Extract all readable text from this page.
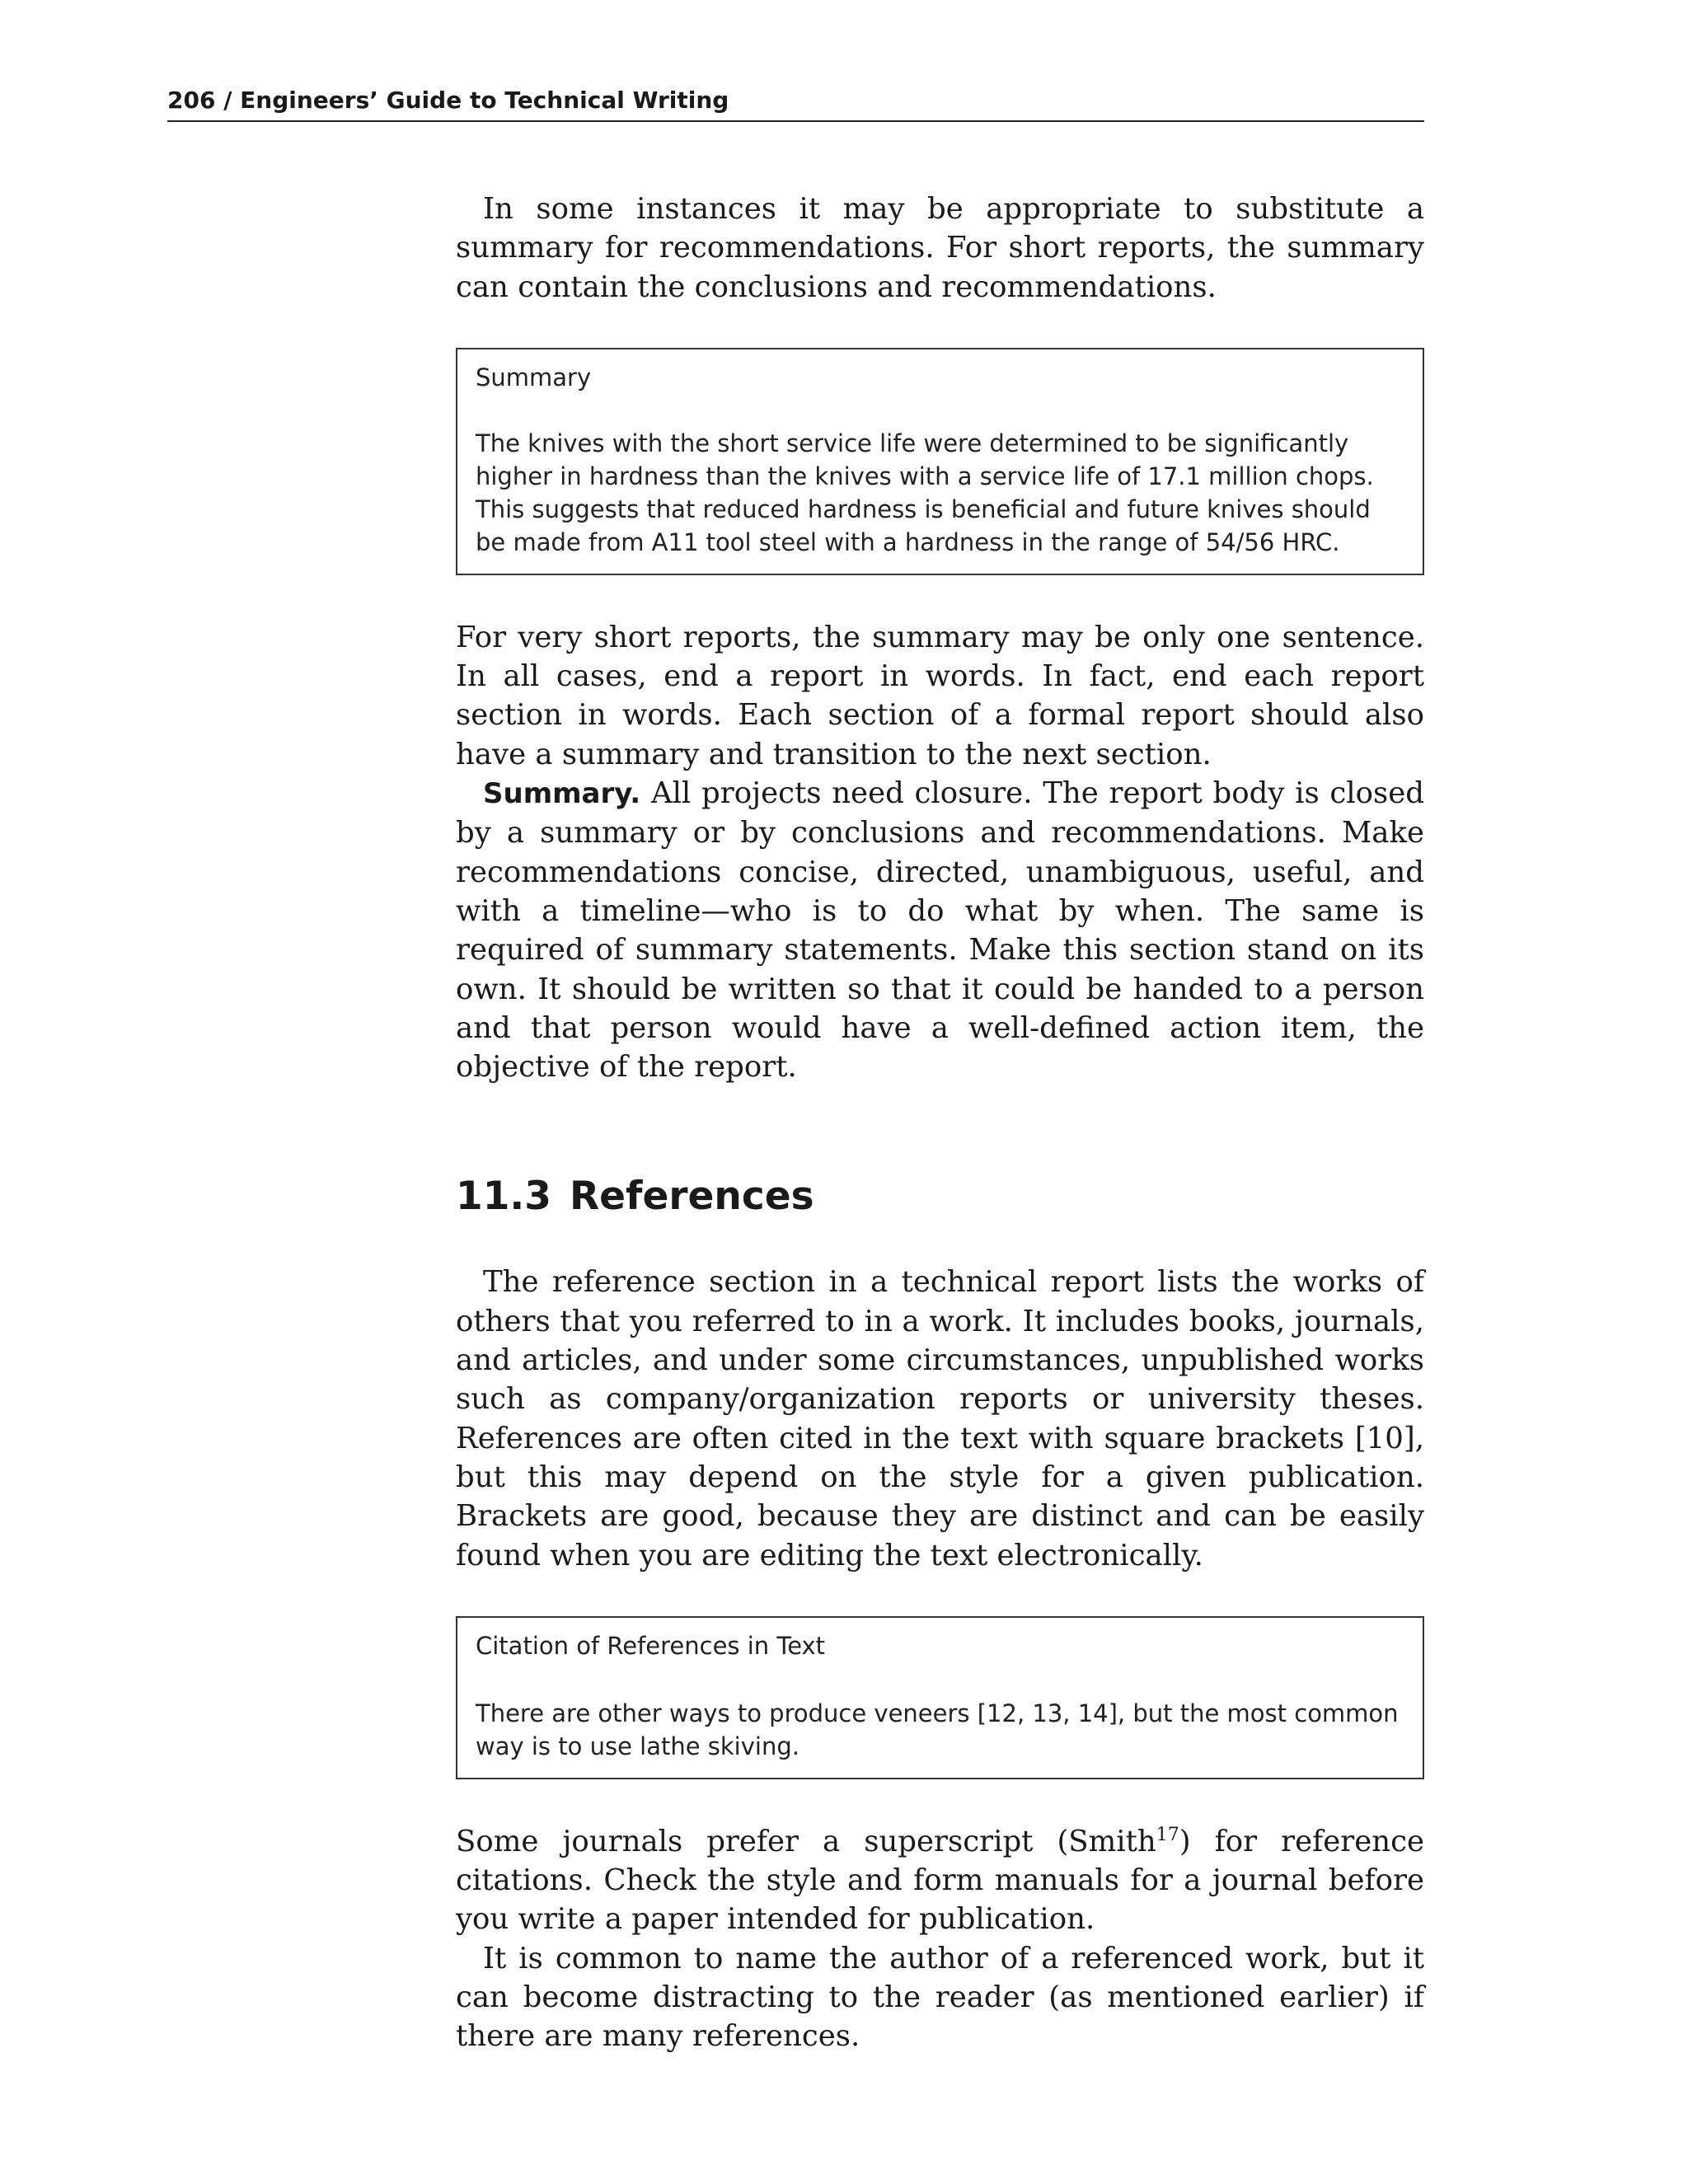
206 / Engineers’ Guide to Technical Writing

In some instances it may be appropriate to substitute a summary for recommendations. For short reports, the summary can contain the conclusions and recommendations.

Summary
The knives with the short service life were determined to be significantly higher in hardness than the knives with a service life of 17.1 million chops. This suggests that reduced hardness is beneficial and future knives should be made from A11 tool steel with a hardness in the range of 54/56 HRC.

For very short reports, the summary may be only one sentence. In all cases, end a report in words. In fact, end each report section in words. Each section of a formal report should also have a summary and transition to the next section.

Summary. All projects need closure. The report body is closed by a summary or by conclusions and recommendations. Make recommendations concise, directed, unambiguous, useful, and with a timeline—who is to do what by when. The same is required of summary statements. Make this section stand on its own. It should be written so that it could be handed to a person and that person would have a well-defined action item, the objective of the report.

11.3 References

The reference section in a technical report lists the works of others that you referred to in a work. It includes books, journals, and articles, and under some circumstances, unpublished works such as company/organization reports or university theses. References are often cited in the text with square brackets [10], but this may depend on the style for a given publication. Brackets are good, because they are distinct and can be easily found when you are editing the text electronically.

Citation of References in Text
There are other ways to produce veneers [12, 13, 14], but the most common way is to use lathe skiving.

Some journals prefer a superscript (Smith$^{17}$) for reference citations. Check the style and form manuals for a journal before you write a paper intended for publication.

It is common to name the author of a referenced work, but it can become distracting to the reader (as mentioned earlier) if there are many references.
